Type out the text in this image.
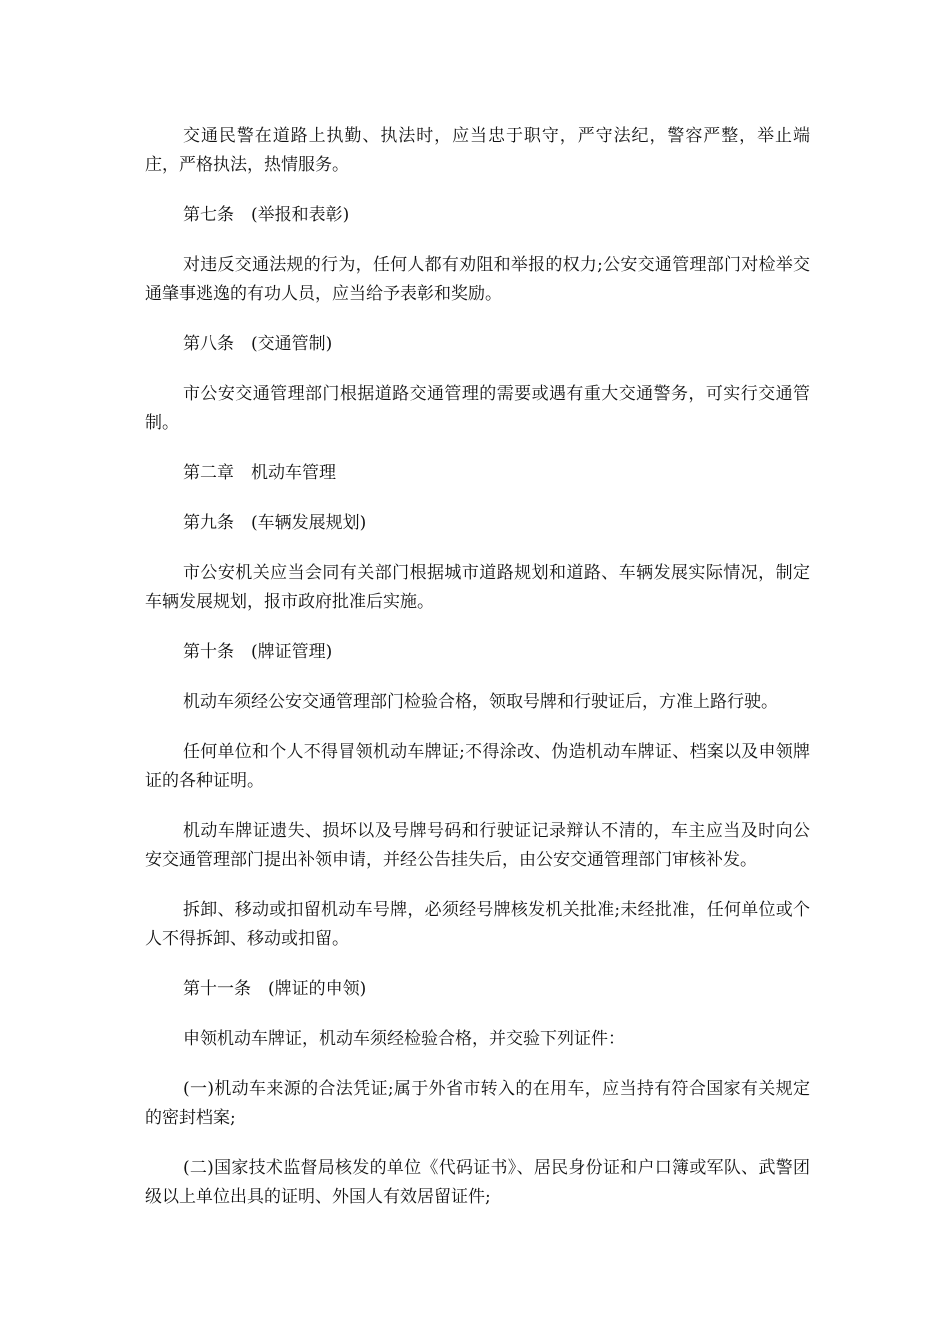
交通民警在道路上执勤、执法时，应当忠于职守，严守法纪，警容严整，举止端庄，严格执法，热情服务。

第七条　(举报和表彰)

对违反交通法规的行为，任何人都有劝阻和举报的权力;公安交通管理部门对检举交通肇事逃逸的有功人员，应当给予表彰和奖励。

第八条　(交通管制)

市公安交通管理部门根据道路交通管理的需要或遇有重大交通警务，可实行交通管制。

第二章　机动车管理

第九条　(车辆发展规划)

市公安机关应当会同有关部门根据城市道路规划和道路、车辆发展实际情况，制定车辆发展规划，报市政府批准后实施。

第十条　(牌证管理)

机动车须经公安交通管理部门检验合格，领取号牌和行驶证后，方准上路行驶。

任何单位和个人不得冒领机动车牌证;不得涂改、伪造机动车牌证、档案以及申领牌证的各种证明。

机动车牌证遗失、损坏以及号牌号码和行驶证记录辩认不清的，车主应当及时向公安交通管理部门提出补领申请，并经公告挂失后，由公安交通管理部门审核补发。

拆卸、移动或扣留机动车号牌，必须经号牌核发机关批准;未经批准，任何单位或个人不得拆卸、移动或扣留。

第十一条　(牌证的申领)

申领机动车牌证，机动车须经检验合格，并交验下列证件：

(一)机动车来源的合法凭证;属于外省市转入的在用车，应当持有符合国家有关规定的密封档案;

(二)国家技术监督局核发的单位《代码证书》、居民身份证和户口簿或军队、武警团级以上单位出具的证明、外国人有效居留证件;
